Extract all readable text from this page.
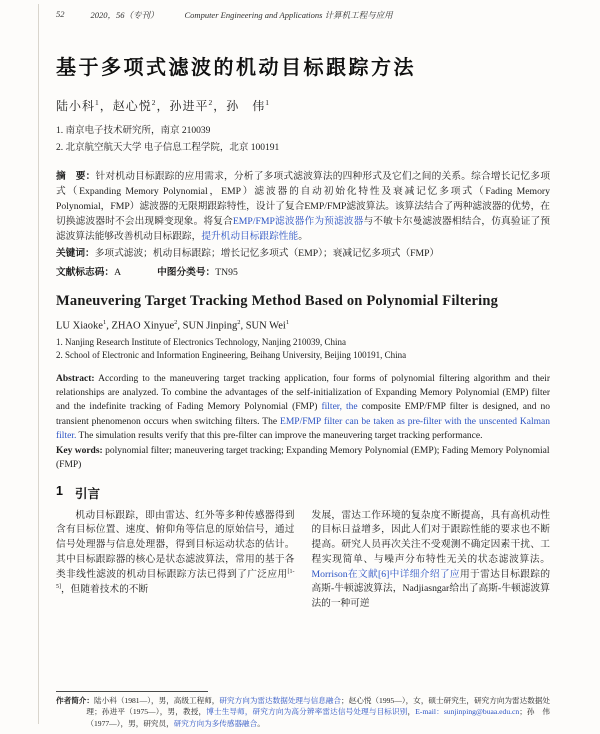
52	2020，56（专刊）	Computer Engineering and Applications 计算机工程与应用
基于多项式滤波的机动目标跟踪方法
陆小科$^1$，赵心悦$^2$，孙进平$^2$，孙　伟$^1$
1. 南京电子技术研究所，南京 210039
2. 北京航空航天大学 电子信息工程学院，北京 100191

摘　要：针对机动目标跟踪的应用需求，分析了多项式滤波算法的四种形式及它们之间的关系。综合增长记忆多项式（Expanding Memory Polynomial，EMP）滤波器的自动初始化特性及衰减记忆多项式（Fading Memory Polynomial，FMP）滤波器的无限期跟踪特性，设计了复合EMP/FMP滤波算法。该算法结合了两种滤波器的优势，在切换滤波器时不会出现瞬变现象。将复合EMP/FMP滤波器作为预滤波器与不敏卡尔曼滤波器相结合，仿真验证了预滤波算法能够改善机动目标跟踪，提升机动目标跟踪性能。

关键词：多项式滤波；机动目标跟踪；增长记忆多项式（EMP）；衰减记忆多项式（FMP）

文献标志码：A	中图分类号：TN95
Maneuvering Target Tracking Method Based on Polynomial Filtering
LU Xiaoke$^1$, ZHAO Xinyue$^2$, SUN Jinping$^2$, SUN Wei$^1$
1. Nanjing Research Institute of Electronics Technology, Nanjing 210039, China
2. School of Electronic and Information Engineering, Beihang University, Beijing 100191, China

Abstract: According to the maneuvering target tracking application, four forms of polynomial filtering algorithm and their relationships are analyzed. To combine the advantages of the self-initialization of Expanding Memory Polynomial (EMP) filter and the indefinite tracking of Fading Memory Polynomial (FMP) filter, the composite EMP/FMP filter is designed, and no transient phenomenon occurs when switching filters. The EMP/FMP filter can be taken as pre-filter with the unscented Kalman filter. The simulation results verify that this pre-filter can improve the maneuvering target tracking performance.

Key words: polynomial filter; maneuvering target tracking; Expanding Memory Polynomial (EMP); Fading Memory Polynomial (FMP)

1 引言

机动目标跟踪，即由雷达、红外等多种传感器得到含有目标位置、速度、俯仰角等信息的原始信号，通过信号处理器与信息处理器，得到目标运动状态的估计。其中目标跟踪器的核心是状态滤波算法，常用的基于各类非线性滤波的机动目标跟踪方法已得到了广泛应用[1-5]，但随着技术的不断

发展，雷达工作环境的复杂度不断提高，具有高机动性的目标日益增多，因此人们对于跟踪性能的要求也不断提高。研究人员再次关注不受观测不确定因素干扰、工程实现简单、与噪声分布特性无关的状态滤波算法。Morrison在文献[6]中详细介绍了应用于雷达目标跟踪的高斯-牛顿滤波算法，Nadjiasngar给出了高斯-牛顿滤波算法的一种可逆

作者简介：陆小科（1981—），男，高级工程师，研究方向为雷达数据处理与信息融合；赵心悦（1995—），女，硕士研究生，研究方向为雷达数据处理；孙进平（1975—），男，教授，博士生导师，研究方向为高分辨率雷达信号处理与目标识别，E-mail：sunjinping@buaa.edu.cn；孙　伟（1977—），男，研究员，研究方向为多传感器融合。
